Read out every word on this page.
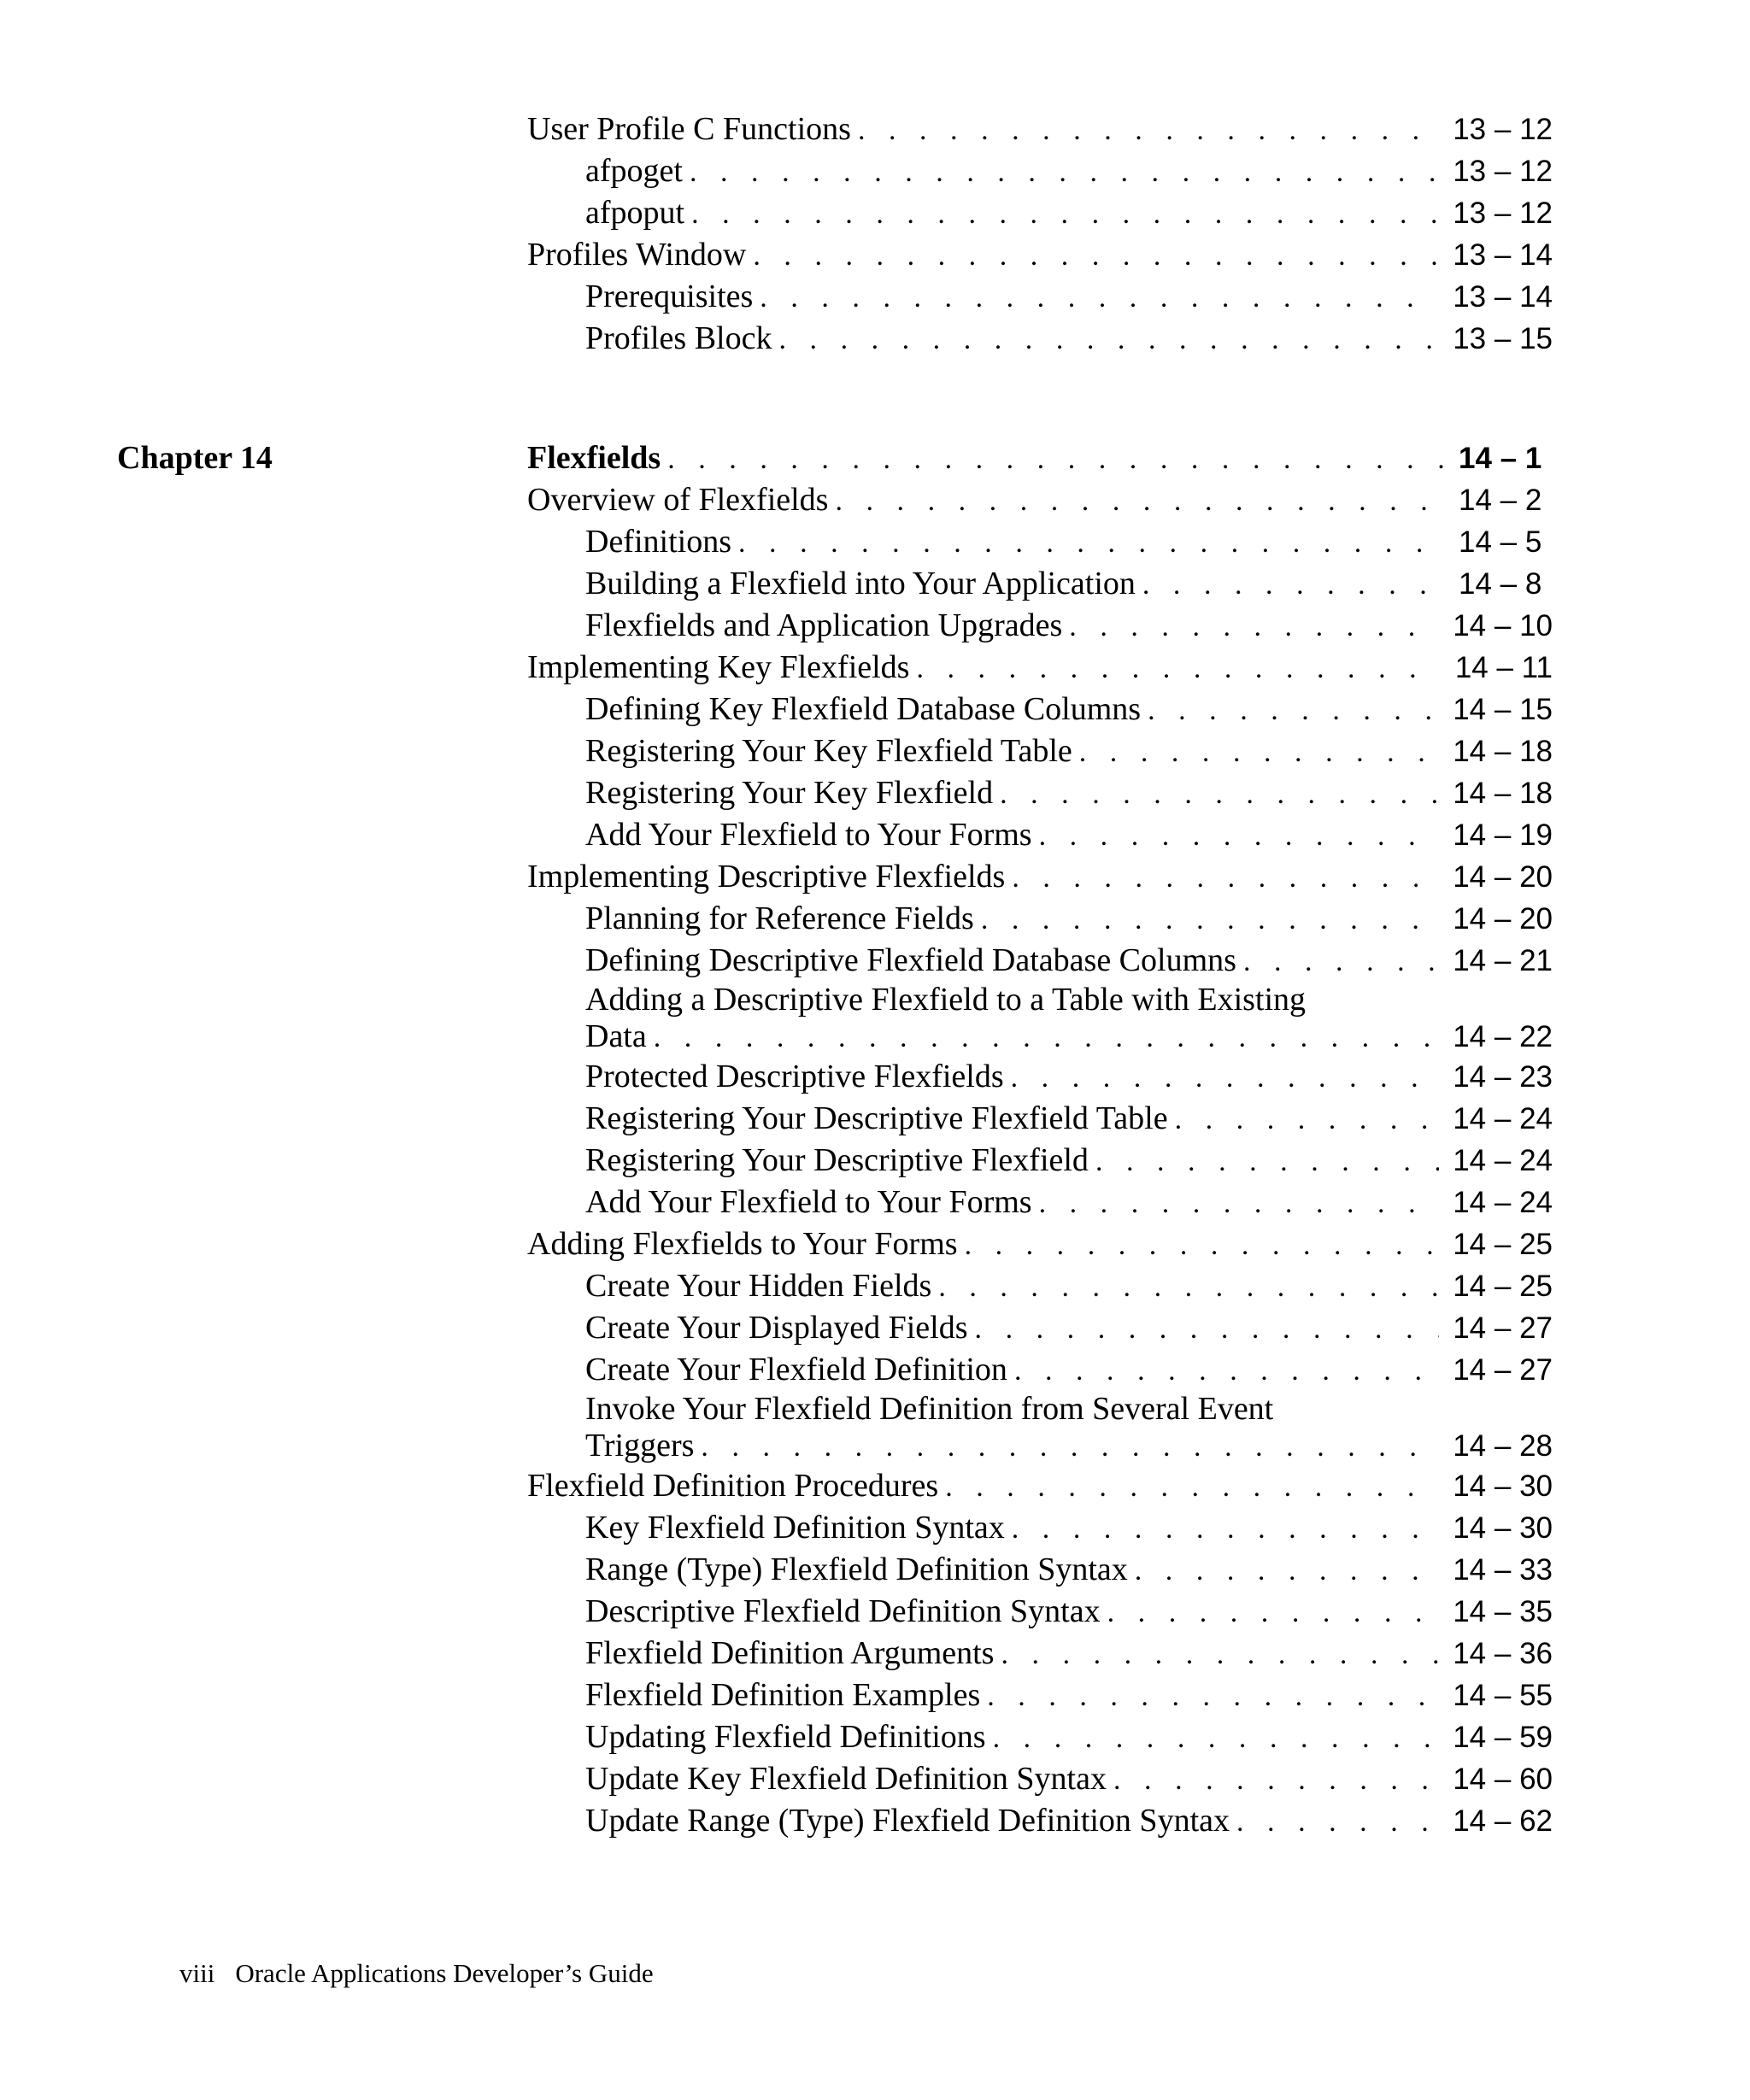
User Profile C Functions . . .	13 – 12
afpoget . . .	13 – 12
afpoput . . .	13 – 12
Profiles Window . . .	13 – 14
Prerequisites . . .	13 – 14
Profiles Block . . .	13 – 15
Chapter 14	Flexfields . . .	14 – 1
Overview of Flexfields . . .	14 – 2
Definitions . . .	14 – 5
Building a Flexfield into Your Application . . .	14 – 8
Flexfields and Application Upgrades . . .	14 – 10
Implementing Key Flexfields . . .	14 – 11
Defining Key Flexfield Database Columns . . .	14 – 15
Registering Your Key Flexfield Table . . .	14 – 18
Registering Your Key Flexfield . . .	14 – 18
Add Your Flexfield to Your Forms . . .	14 – 19
Implementing Descriptive Flexfields . . .	14 – 20
Planning for Reference Fields . . .	14 – 20
Defining Descriptive Flexfield Database Columns . . .	14 – 21
Adding a Descriptive Flexfield to a Table with Existing
Data . . .	14 – 22
Protected Descriptive Flexfields . . .	14 – 23
Registering Your Descriptive Flexfield Table . . .	14 – 24
Registering Your Descriptive Flexfield . . .	14 – 24
Add Your Flexfield to Your Forms . . .	14 – 24
Adding Flexfields to Your Forms . . .	14 – 25
Create Your Hidden Fields . . .	14 – 25
Create Your Displayed Fields . . .	14 – 27
Create Your Flexfield Definition . . .	14 – 27
Invoke Your Flexfield Definition from Several Event
Triggers . . .	14 – 28
Flexfield Definition Procedures . . .	14 – 30
Key Flexfield Definition Syntax . . .	14 – 30
Range (Type) Flexfield Definition Syntax . . .	14 – 33
Descriptive Flexfield Definition Syntax . . .	14 – 35
Flexfield Definition Arguments . . .	14 – 36
Flexfield Definition Examples . . .	14 – 55
Updating Flexfield Definitions . . .	14 – 59
Update Key Flexfield Definition Syntax . . .	14 – 60
Update Range (Type) Flexfield Definition Syntax . . .	14 – 62
viii Oracle Applications Developer’s Guide
